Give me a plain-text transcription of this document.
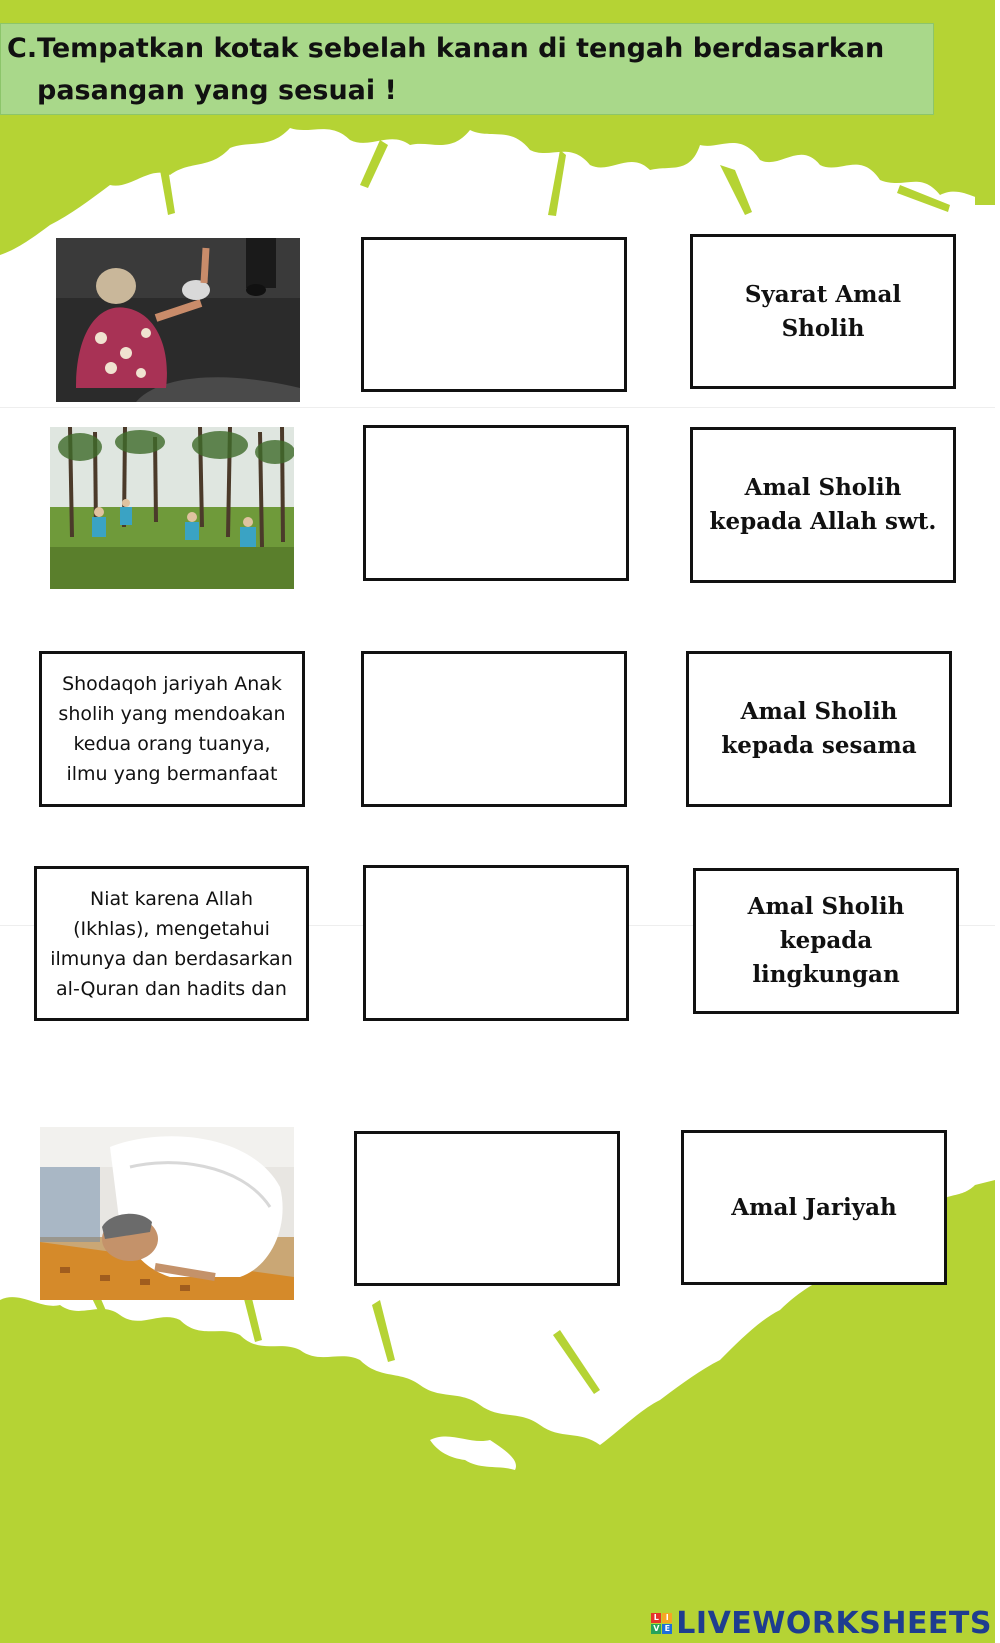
C.Tempatkan kotak sebelah kanan di tengah berdasarkan
pasangan yang sesuai !
Syarat Amal Sholih
Amal Sholih kepada Allah swt.
Shodaqoh jariyah Anak sholih yang mendoakan kedua orang tuanya, ilmu yang bermanfaat
Amal Sholih kepada sesama
Niat karena Allah (Ikhlas), mengetahui ilmunya dan berdasarkan al-Quran dan hadits dan
Amal Sholih kepada lingkungan
Amal Jariyah
L I
V E LIVEWORKSHEETS
